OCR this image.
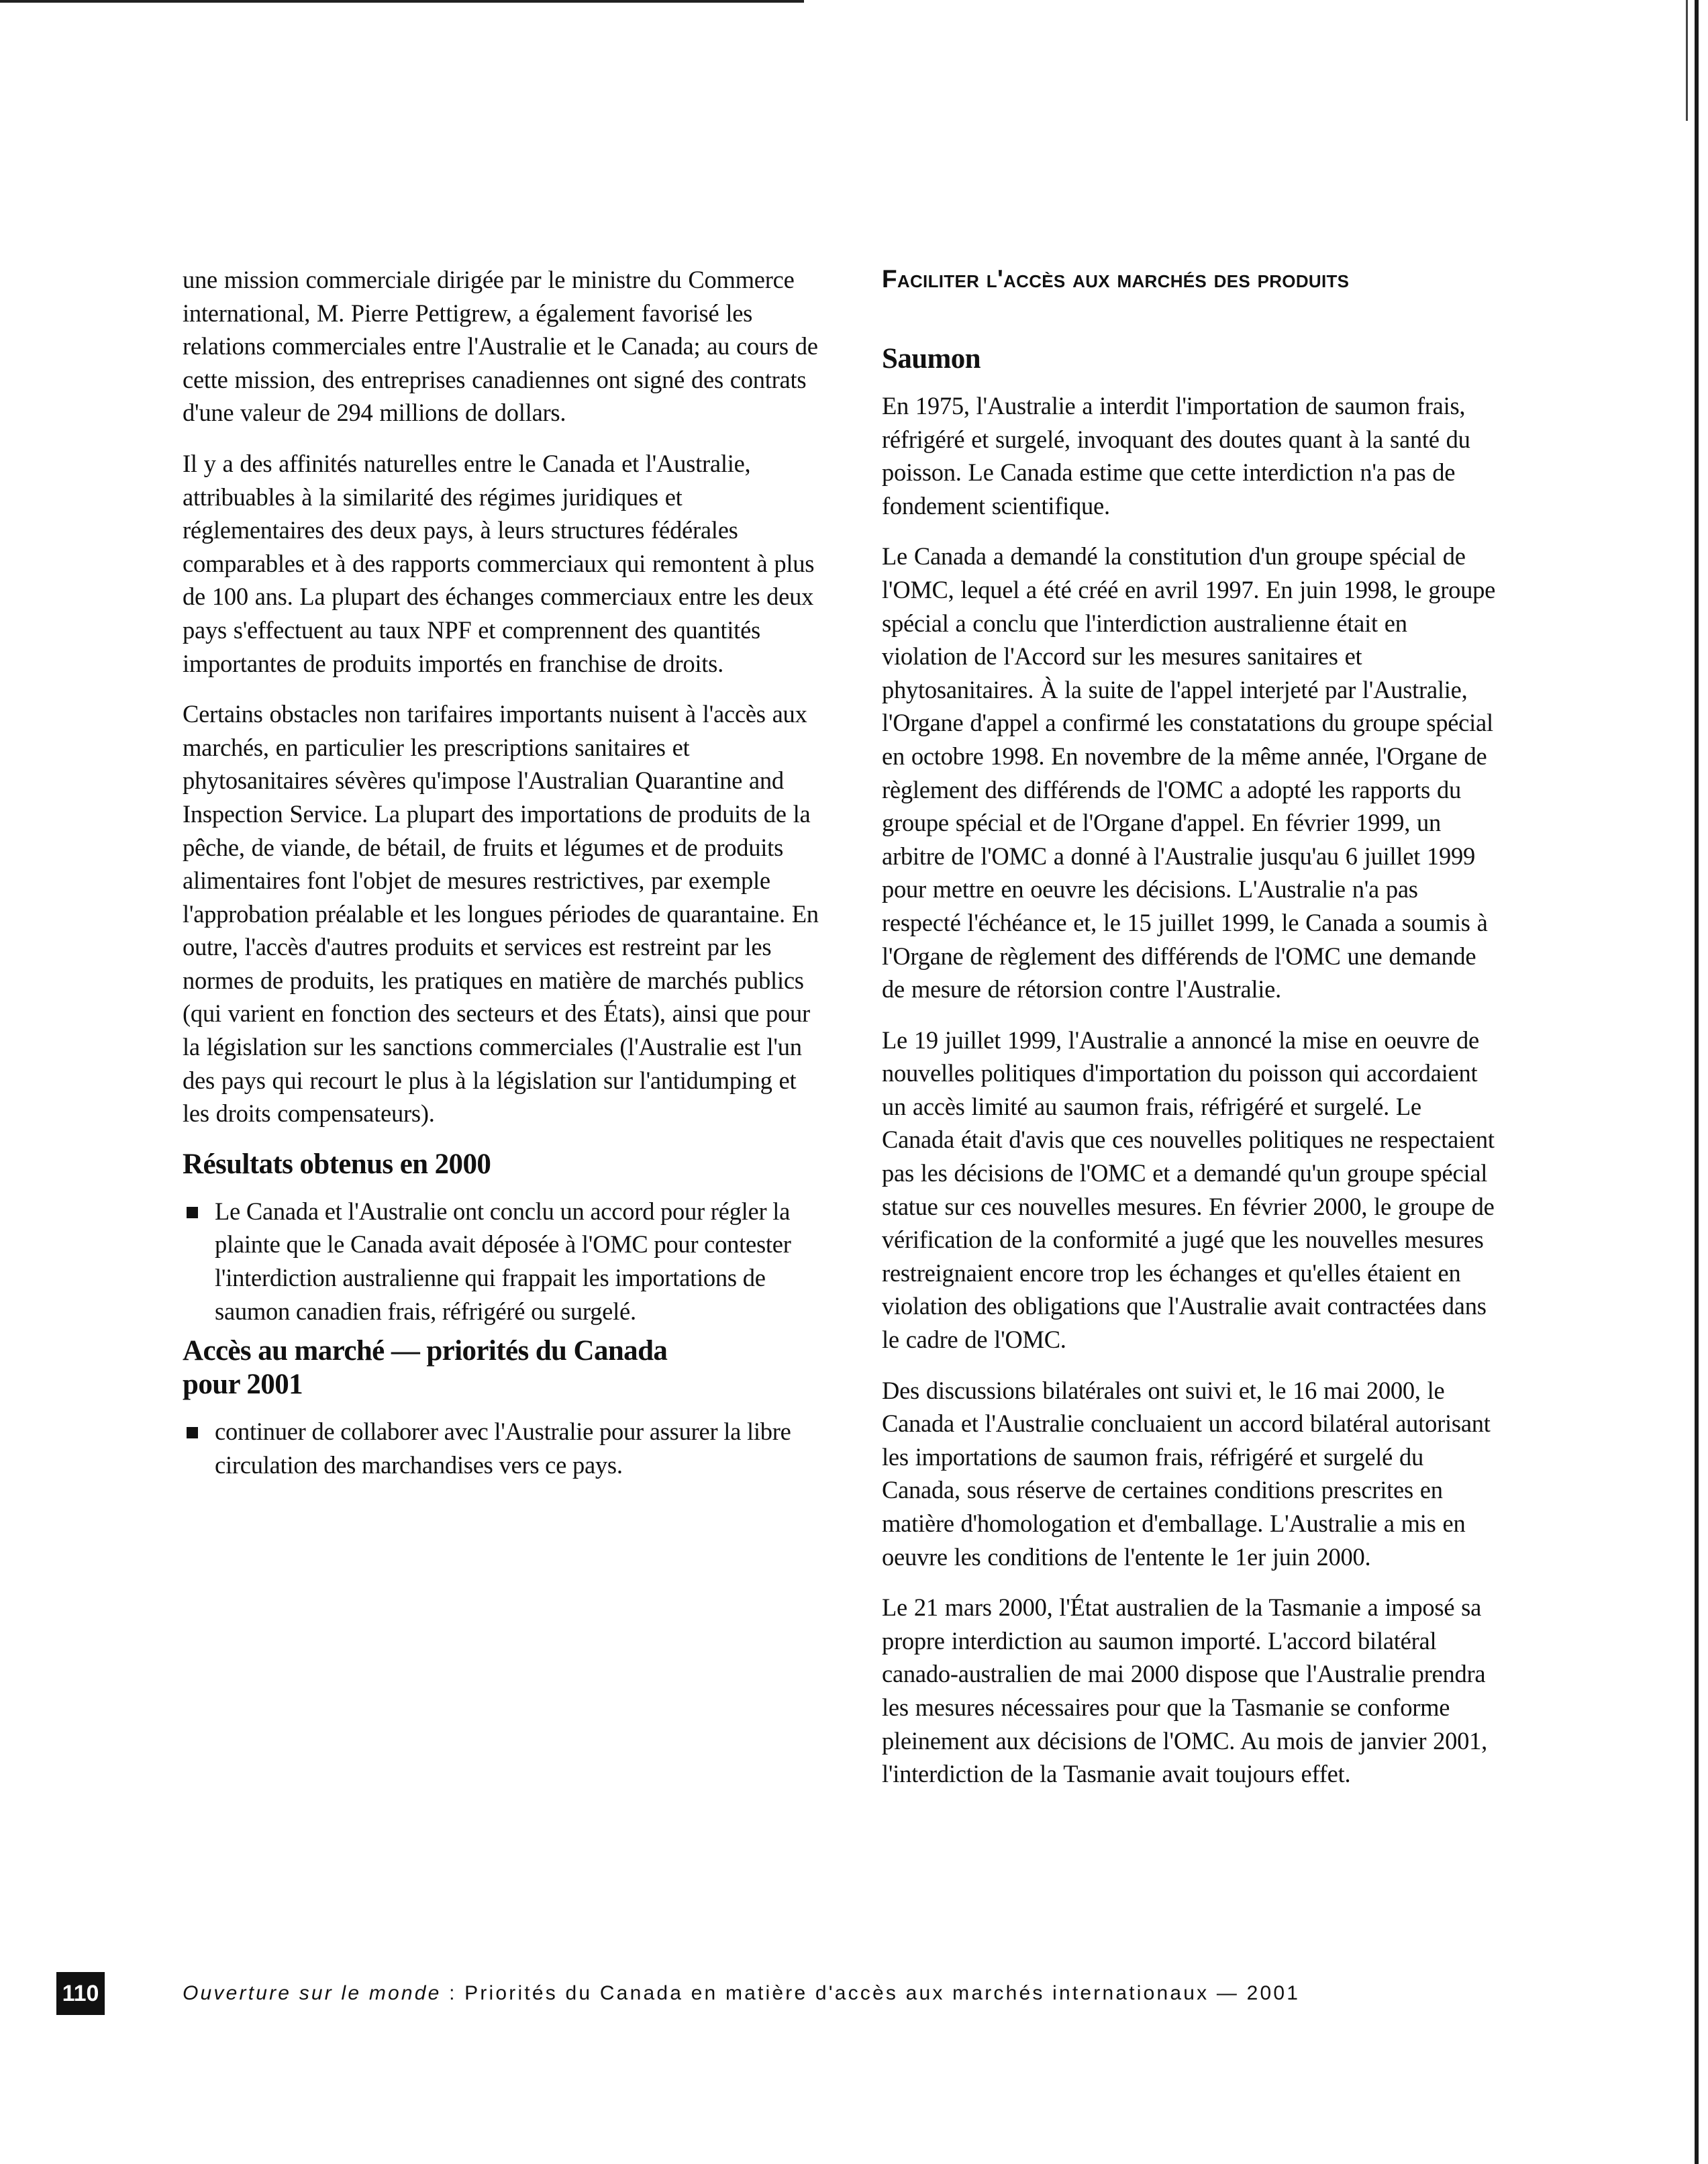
une mission commerciale dirigée par le ministre du Commerce international, M. Pierre Pettigrew, a également favorisé les relations commerciales entre l'Australie et le Canada; au cours de cette mission, des entreprises canadiennes ont signé des contrats d'une valeur de 294 millions de dollars.

Il y a des affinités naturelles entre le Canada et l'Australie, attribuables à la similarité des régimes juridiques et réglementaires des deux pays, à leurs structures fédérales comparables et à des rapports commerciaux qui remontent à plus de 100 ans. La plupart des échanges commerciaux entre les deux pays s'effectuent au taux NPF et comprennent des quantités importantes de produits importés en franchise de droits.

Certains obstacles non tarifaires importants nuisent à l'accès aux marchés, en particulier les prescriptions sanitaires et phytosanitaires sévères qu'impose l'Australian Quarantine and Inspection Service. La plupart des importations de produits de la pêche, de viande, de bétail, de fruits et légumes et de produits alimentaires font l'objet de mesures restrictives, par exemple l'approbation préalable et les longues périodes de quarantaine. En outre, l'accès d'autres produits et services est restreint par les normes de produits, les pratiques en matière de marchés publics (qui varient en fonction des secteurs et des États), ainsi que pour la législation sur les sanctions commerciales (l'Australie est l'un des pays qui recourt le plus à la législation sur l'antidumping et les droits compensateurs).

Résultats obtenus en 2000
Le Canada et l'Australie ont conclu un accord pour régler la plainte que le Canada avait déposée à l'OMC pour contester l'interdiction australienne qui frappait les importations de saumon canadien frais, réfrigéré ou surgelé.
Accès au marché — priorités du Canada pour 2001
continuer de collaborer avec l'Australie pour assurer la libre circulation des marchandises vers ce pays.
Faciliter l'accès aux marchés des produits
Saumon

En 1975, l'Australie a interdit l'importation de saumon frais, réfrigéré et surgelé, invoquant des doutes quant à la santé du poisson. Le Canada estime que cette interdiction n'a pas de fondement scientifique.

Le Canada a demandé la constitution d'un groupe spécial de l'OMC, lequel a été créé en avril 1997. En juin 1998, le groupe spécial a conclu que l'interdiction australienne était en violation de l'Accord sur les mesures sanitaires et phytosanitaires. À la suite de l'appel interjeté par l'Australie, l'Organe d'appel a confirmé les constatations du groupe spécial en octobre 1998. En novembre de la même année, l'Organe de règlement des différends de l'OMC a adopté les rapports du groupe spécial et de l'Organe d'appel. En février 1999, un arbitre de l'OMC a donné à l'Australie jusqu'au 6 juillet 1999 pour mettre en oeuvre les décisions. L'Australie n'a pas respecté l'échéance et, le 15 juillet 1999, le Canada a soumis à l'Organe de règlement des différends de l'OMC une demande de mesure de rétorsion contre l'Australie.

Le 19 juillet 1999, l'Australie a annoncé la mise en oeuvre de nouvelles politiques d'importation du poisson qui accordaient un accès limité au saumon frais, réfrigéré et surgelé. Le Canada était d'avis que ces nouvelles politiques ne respectaient pas les décisions de l'OMC et a demandé qu'un groupe spécial statue sur ces nouvelles mesures. En février 2000, le groupe de vérification de la conformité a jugé que les nouvelles mesures restreignaient encore trop les échanges et qu'elles étaient en violation des obligations que l'Australie avait contractées dans le cadre de l'OMC.

Des discussions bilatérales ont suivi et, le 16 mai 2000, le Canada et l'Australie concluaient un accord bilatéral autorisant les importations de saumon frais, réfrigéré et surgelé du Canada, sous réserve de certaines conditions prescrites en matière d'homologation et d'emballage. L'Australie a mis en oeuvre les conditions de l'entente le 1er juin 2000.

Le 21 mars 2000, l'État australien de la Tasmanie a imposé sa propre interdiction au saumon importé. L'accord bilatéral canado-australien de mai 2000 dispose que l'Australie prendra les mesures nécessaires pour que la Tasmanie se conforme pleinement aux décisions de l'OMC. Au mois de janvier 2001, l'interdiction de la Tasmanie avait toujours effet.

110	Ouverture sur le monde : Priorités du Canada en matière d'accès aux marchés internationaux — 2001
